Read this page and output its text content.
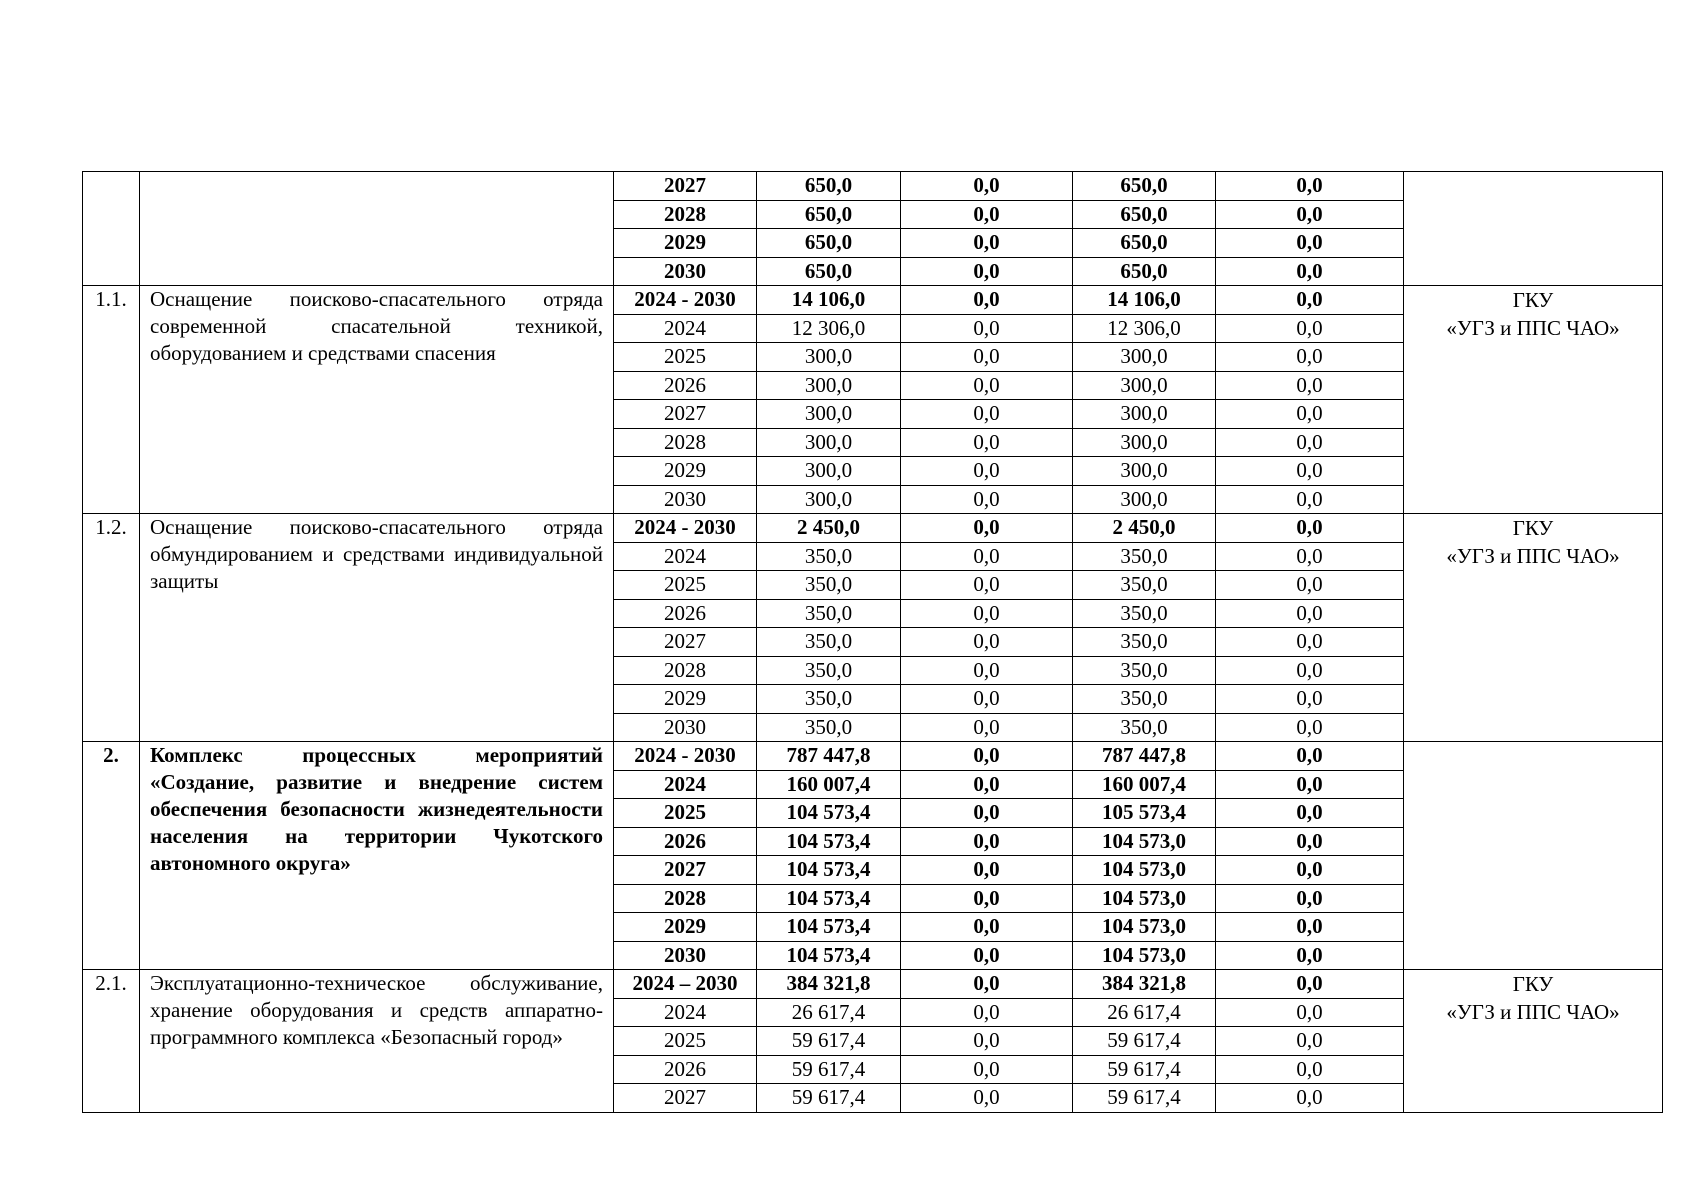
		2027	650,0	0,0	650,0	0,0	
		2028	650,0	0,0	650,0	0,0	
		2029	650,0	0,0	650,0	0,0	
		2030	650,0	0,0	650,0	0,0	
1.1.	Оснащение поисково-спасательного отряда современной спасательной техникой, оборудованием и средствами спасения	2024 - 2030	14 106,0	0,0	14 106,0	0,0	ГКУ
«УГЗ и ППС ЧАО»

		2024	12 306,0	0,0	12 306,0	0,0	
		2025	300,0	0,0	300,0	0,0	
		2026	300,0	0,0	300,0	0,0	
		2027	300,0	0,0	300,0	0,0	
		2028	300,0	0,0	300,0	0,0	
		2029	300,0	0,0	300,0	0,0	
		2030	300,0	0,0	300,0	0,0	
1.2.	Оснащение поисково-спасательного отряда обмундированием и средствами индивидуальной защиты	2024 - 2030	2 450,0	0,0	2 450,0	0,0	ГКУ
«УГЗ и ППС ЧАО»

		2024	350,0	0,0	350,0	0,0	
		2025	350,0	0,0	350,0	0,0	
		2026	350,0	0,0	350,0	0,0	
		2027	350,0	0,0	350,0	0,0	
		2028	350,0	0,0	350,0	0,0	
		2029	350,0	0,0	350,0	0,0	
		2030	350,0	0,0	350,0	0,0	
2.	Комплекс процессных мероприятий «Создание, развитие и внедрение систем обеспечения безопасности жизнедеятельности населения на территории Чукотского автономного округа»	2024 - 2030	787 447,8	0,0	787 447,8	0,0	
		2024	160 007,4	0,0	160 007,4	0,0	
		2025	104 573,4	0,0	105 573,4	0,0	
		2026	104 573,4	0,0	104 573,0	0,0	
		2027	104 573,4	0,0	104 573,0	0,0	
		2028	104 573,4	0,0	104 573,0	0,0	
		2029	104 573,4	0,0	104 573,0	0,0	
		2030	104 573,4	0,0	104 573,0	0,0	
2.1.	Эксплуатационно-техническое обслуживание, хранение оборудования и средств аппаратно-программного комплекса «Безопасный город»	2024 – 2030	384 321,8	0,0	384 321,8	0,0	ГКУ
«УГЗ и ППС ЧАО»

		2024	26 617,4	0,0	26 617,4	0,0	
		2025	59 617,4	0,0	59 617,4	0,0	
		2026	59 617,4	0,0	59 617,4	0,0	
		2027	59 617,4	0,0	59 617,4	0,0	
